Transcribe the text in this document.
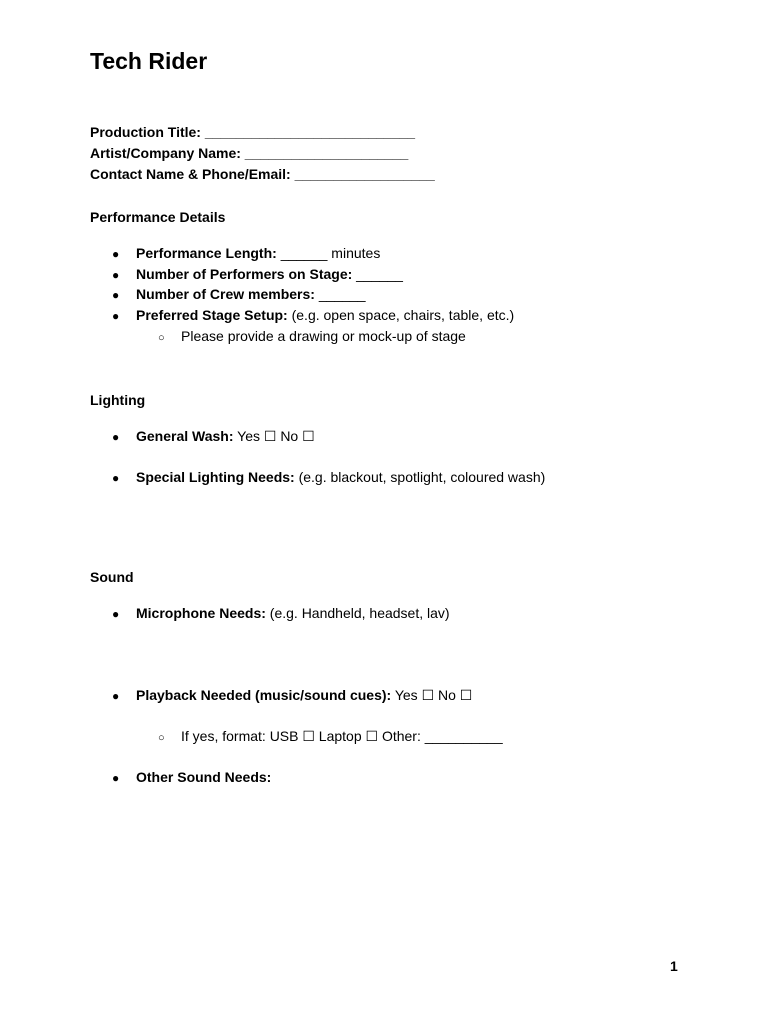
Tech Rider
Production Title: ___________________________
Artist/Company Name: _____________________
Contact Name & Phone/Email: __________________
Performance Details
● Performance Length: ______ minutes
● Number of Performers on Stage: ______
● Number of Crew members: ______
● Preferred Stage Setup: (e.g. open space, chairs, table, etc.)
○ Please provide a drawing or mock-up of stage
Lighting
● General Wash: Yes ☐ No ☐
● Special Lighting Needs: (e.g. blackout, spotlight, coloured wash)
Sound
● Microphone Needs: (e.g. Handheld, headset, lav)
● Playback Needed (music/sound cues): Yes ☐ No ☐
○ If yes, format: USB ☐ Laptop ☐ Other: __________
● Other Sound Needs:
1
